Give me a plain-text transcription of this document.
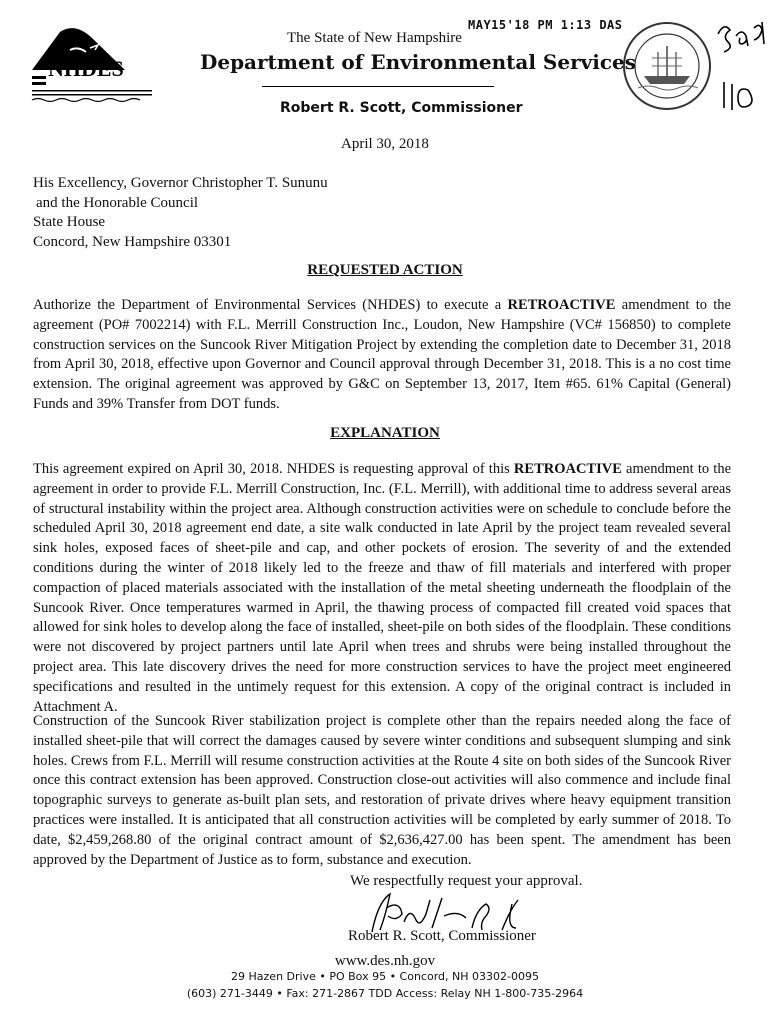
NHDES
The State of New Hampshire
MAY15'18 PM 1:13 DAS
Department of Environmental Services
Robert R. Scott, Commissioner
April 30, 2018
His Excellency, Governor Christopher T. Sununu
and the Honorable Council
State House
Concord, New Hampshire 03301
REQUESTED ACTION
Authorize the Department of Environmental Services (NHDES) to execute a RETROACTIVE amendment to the agreement (PO# 7002214) with F.L. Merrill Construction Inc., Loudon, New Hampshire (VC# 156850) to complete construction services on the Suncook River Mitigation Project by extending the completion date to December 31, 2018 from April 30, 2018, effective upon Governor and Council approval through December 31, 2018. This is a no cost time extension. The original agreement was approved by G&C on September 13, 2017, Item #65. 61% Capital (General) Funds and 39% Transfer from DOT funds.
EXPLANATION
This agreement expired on April 30, 2018. NHDES is requesting approval of this RETROACTIVE amendment to the agreement in order to provide F.L. Merrill Construction, Inc. (F.L. Merrill), with additional time to address several areas of structural instability within the project area. Although construction activities were on schedule to conclude before the scheduled April 30, 2018 agreement end date, a site walk conducted in late April by the project team revealed several sink holes, exposed faces of sheet-pile and cap, and other pockets of erosion. The severity of and the extended conditions during the winter of 2018 likely led to the freeze and thaw of fill materials and interfered with proper compaction of placed materials associated with the installation of the metal sheeting underneath the floodplain of the Suncook River. Once temperatures warmed in April, the thawing process of compacted fill created void spaces that allowed for sink holes to develop along the face of installed, sheet-pile on both sides of the floodplain. These conditions were not discovered by project partners until late April when trees and shrubs were being installed throughout the project area. This late discovery drives the need for more construction services to have the project meet engineered specifications and resulted in the untimely request for this extension. A copy of the original contract is included in Attachment A.
Construction of the Suncook River stabilization project is complete other than the repairs needed along the face of installed sheet-pile that will correct the damages caused by severe winter conditions and subsequent slumping and sink holes. Crews from F.L. Merrill will resume construction activities at the Route 4 site on both sides of the Suncook River once this contract extension has been approved. Construction close-out activities will also commence and include final topographic surveys to generate as-built plan sets, and restoration of private drives where heavy equipment transition practices were installed. It is anticipated that all construction activities will be completed by early summer of 2018. To date, $2,459,268.80 of the original contract amount of $2,636,427.00 has been spent. The amendment has been approved by the Department of Justice as to form, substance and execution.
We respectfully request your approval.
Robert R. Scott, Commissioner
www.des.nh.gov
29 Hazen Drive • PO Box 95 • Concord, NH 03302-0095
(603) 271-3449 • Fax: 271-2867 TDD Access: Relay NH 1-800-735-2964
